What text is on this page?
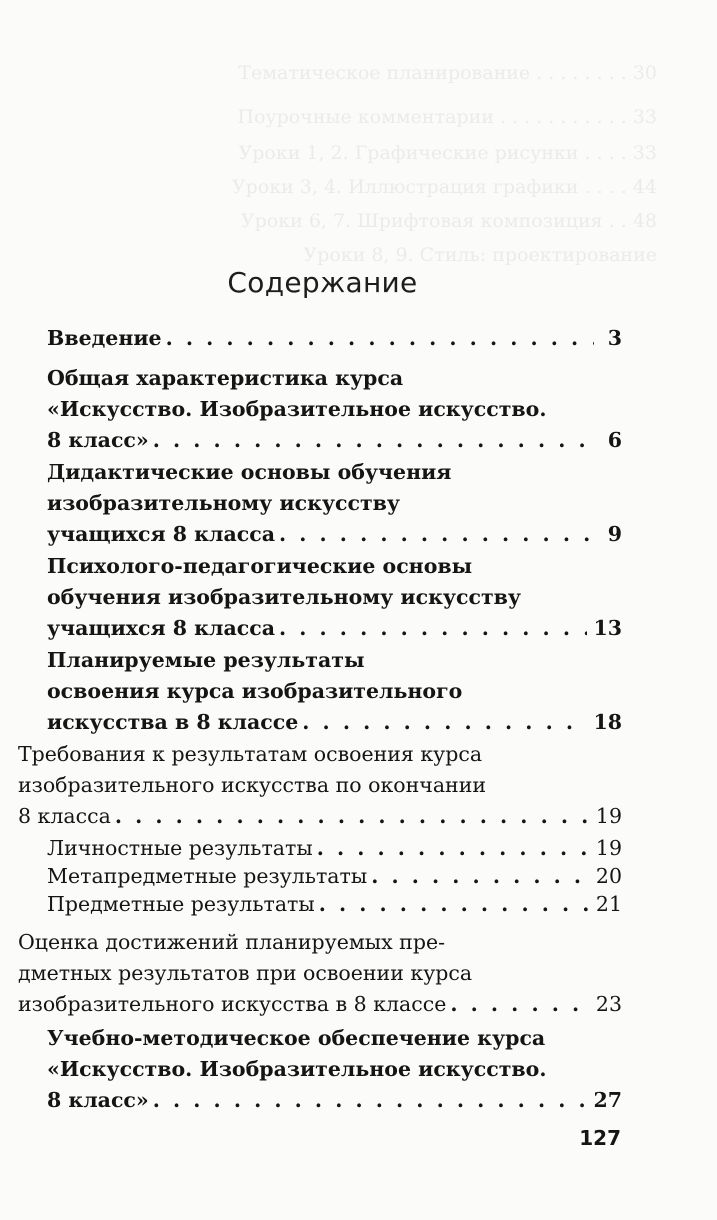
Тематическое планирование . . . . . . . . 30
Поурочные комментарии . . . . . . . . . . . 33
Уроки 1, 2. Графические рисунки . . . . 33
Уроки 3, 4. Иллюстрация графики . . . . 44
Уроки 6, 7. Шрифтовая композиция . . 48
Уроки 8, 9. Стиль: проектирование
Содержание
Введение . . .	3
Общая характеристика курса
«Искусство. Изобразительное искусство.
8 класс» . . .	6
Дидактические основы обучения
изобразительному искусству
учащихся 8 класса . . .	9
Психолого-педагогические основы
обучения изобразительному искусству
учащихся 8 класса . . .	13
Планируемые результаты
освоения курса изобразительного
искусства в 8 классе . . .	18
Требования к результатам освоения курса
изобразительного искусства по окончании
8 класса . . .	19
Личностные результаты . . .	19
Метапредметные результаты . . .	20
Предметные результаты . . .	21
Оценка достижений планируемых пре-
дметных результатов при освоении курса
изобразительного искусства в 8 классе . . .	23
Учебно-методическое обеспечение курса
«Искусство. Изобразительное искусство.
8 класс» . . .	27
127
